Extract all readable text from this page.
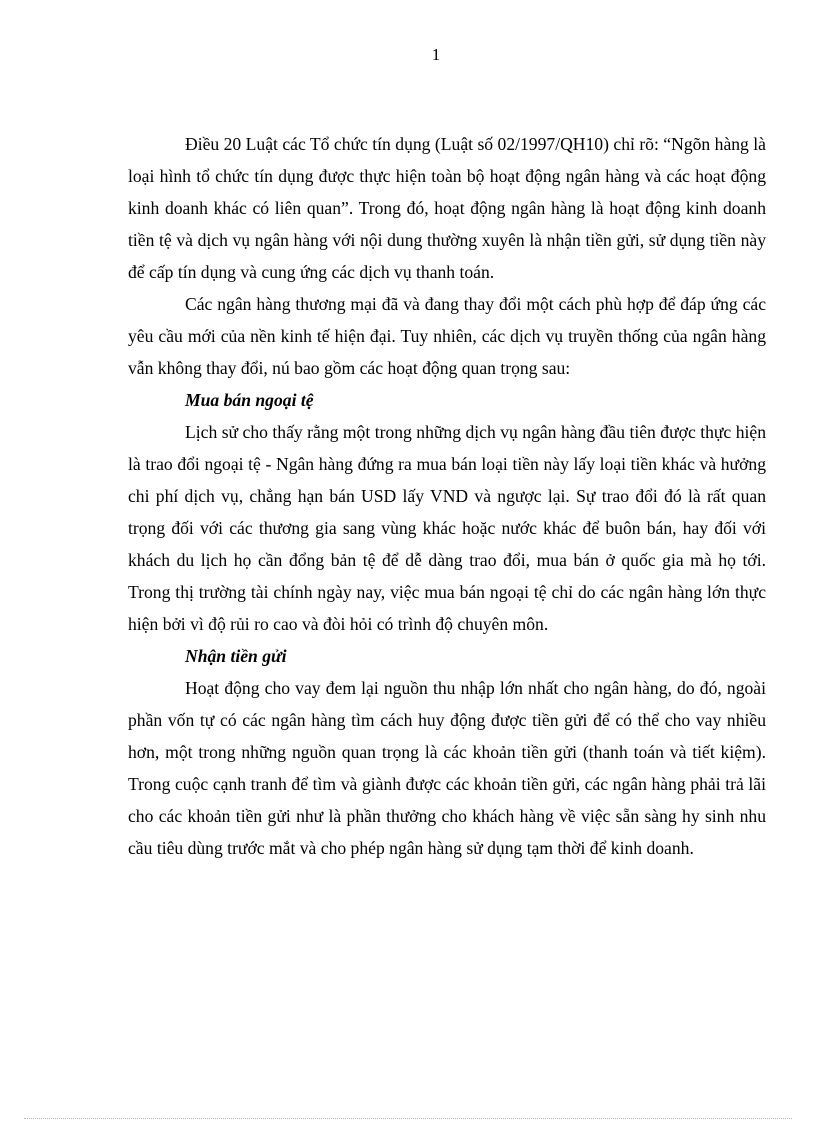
1

Điều 20 Luật các Tổ chức tín dụng (Luật số 02/1997/QH10) chỉ rõ: “Ngõn hàng là loại hình tổ chức tín dụng được thực hiện toàn bộ hoạt động ngân hàng và các hoạt động kinh doanh khác có liên quan”. Trong đó, hoạt động ngân hàng là hoạt động kinh doanh tiền tệ và dịch vụ ngân hàng với nội dung thường xuyên là nhận tiền gửi, sử dụng tiền này để cấp tín dụng và cung ứng các dịch vụ thanh toán.

Các ngân hàng thương mại đã và đang thay đổi một cách phù hợp để đáp ứng các yêu cầu mới của nền kinh tế hiện đại. Tuy nhiên, các dịch vụ truyền thống của ngân hàng vẫn không thay đổi, nú bao gồm các hoạt động quan trọng sau:

Mua bán ngoại tệ

Lịch sử cho thấy rằng một trong những dịch vụ ngân hàng đầu tiên được thực hiện là trao đổi ngoại tệ - Ngân hàng đứng ra mua bán loại tiền này lấy loại tiền khác và hưởng chi phí dịch vụ, chẳng hạn bán USD lấy VND và ngược lại. Sự trao đổi đó là rất quan trọng đối với các thương gia sang vùng khác hoặc nước khác để buôn bán, hay đối với khách du lịch họ cần đổng bản tệ để dễ dàng trao đổi, mua bán ở quốc gia mà họ tới. Trong thị trường tài chính ngày nay, việc mua bán ngoại tệ chỉ do các ngân hàng lớn thực hiện bởi vì độ rủi ro cao và đòi hỏi có trình độ chuyên môn.

Nhận tiền gửi

Hoạt động cho vay đem lại nguồn thu nhập lớn nhất cho ngân hàng, do đó, ngoài phần vốn tự có các ngân hàng tìm cách huy động được tiền gửi để có thể cho vay nhiều hơn, một trong những nguồn quan trọng là các khoản tiền gửi (thanh toán và tiết kiệm). Trong cuộc cạnh tranh để tìm và giành được các khoản tiền gửi, các ngân hàng phải trả lãi cho các khoản tiền gửi như là phần thưởng cho khách hàng về việc sẵn sàng hy sinh nhu cầu tiêu dùng trước mắt và cho phép ngân hàng sử dụng tạm thời để kinh doanh.
